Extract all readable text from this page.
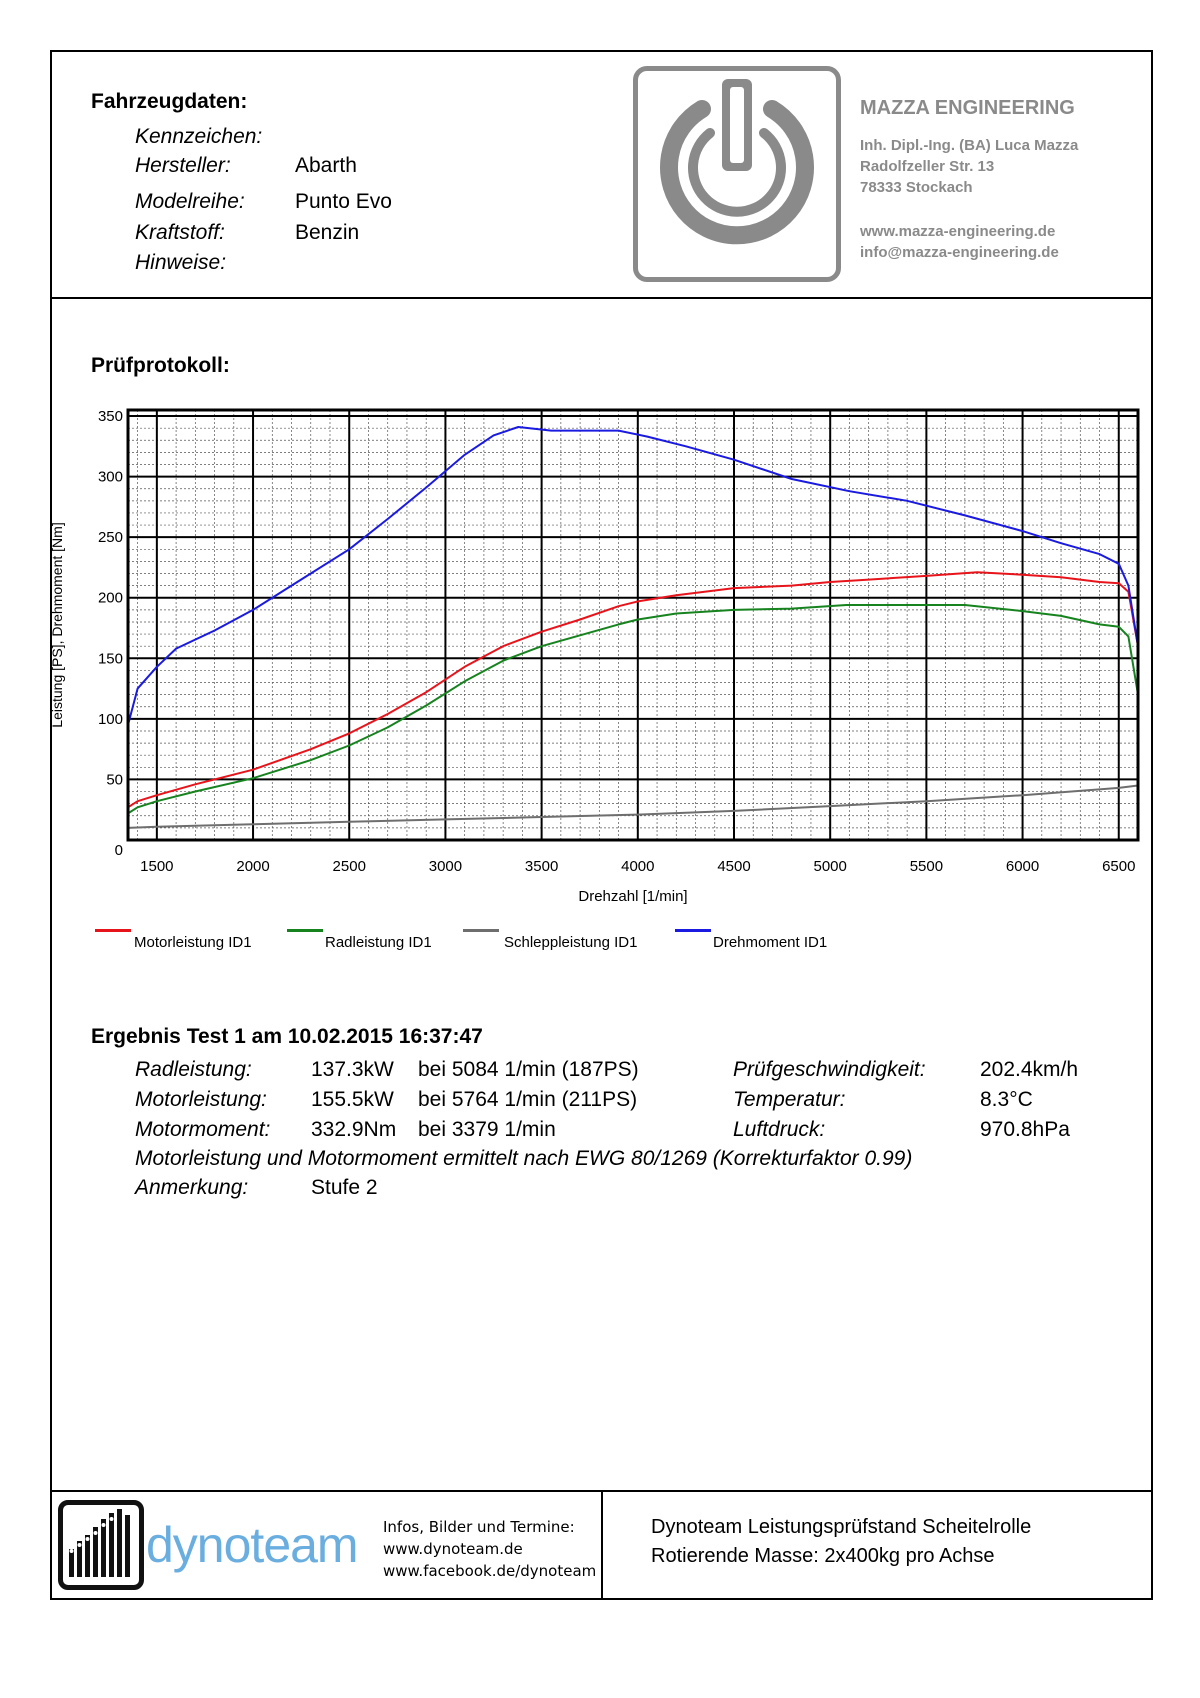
Fahrzeugdaten:
Kennzeichen:
Hersteller:	Abarth
Modelreihe: Punto Evo
Kraftstoff:	Benzin
Hinweise:
MAZZA ENGINEERING
Inh. Dipl.-Ing. (BA) Luca Mazza
Radolfzeller Str. 13
78333 Stockach
www.mazza-engineering.de
info@mazza-engineering.de
Prüfprotokoll:
1500	2000	2500	3000	3500	4000	4500	5000	5500	6000	6500
0
50
100
150
200
250
300
350
Drehzahl [1/min]
Leistung [PS], Drehmoment [Nm]
Motorleistung ID1	Radleistung ID1	Schleppleistung ID1	Drehmoment ID1
Ergebnis Test 1 am 10.02.2015 16:37:47
Radleistung:	137.3kW bei 5084 1/min (187PS)	Prüfgeschwindigkeit:	202.4km/h
Motorleistung: 155.5kW bei 5764 1/min (211PS)	Temperatur:	8.3°C
Motormoment: 332.9Nm bei 3379 1/min	Luftdruck:	970.8hPa
Motorleistung und Motormoment ermittelt nach EWG 80/1269 (Korrekturfaktor 0.99)
Anmerkung:	Stufe 2
dynoteam Infos, Bilder und Termine:
www.dynoteam.de
www.facebook.de/dynoteam
Dynoteam Leistungsprüfstand Scheitelrolle
Rotierende Masse: 2x400kg pro Achse
